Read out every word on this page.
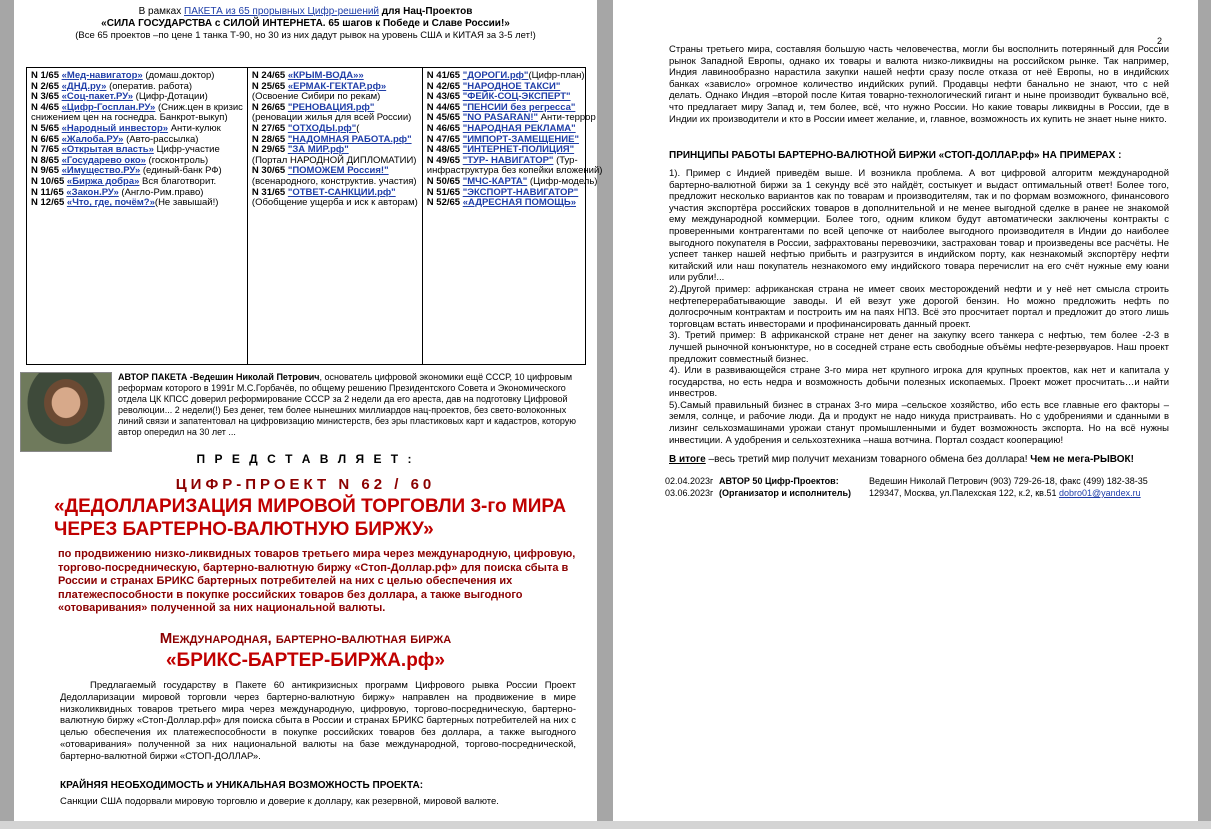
В рамках ПАКЕТА из 65 прорывных Цифр-решений для Нац-Проектов
«СИЛА ГОСУДАРСТВА с СИЛОЙ ИНТЕРНЕТА. 65 шагов к Победе и Славе России!»
(Все 65 проектов –по цене 1 танка Т-90, но 30 из них дадут рывок на уровень США и КИТАЯ за 3-5 лет!)
N 1/65 «Мед-навигатор» (домаш.доктор)
N 2/65 «ДНД.ру» (оператив. работа)
N 3/65 «Соц-пакет.РУ» (Цифр-Дотации)
N 4/65 «Цифр-Госплан.РУ» (Сниж.цен в кризис
снижением цен на госнедра. Банкрот-выкуп)
N 5/65 «Народный инвестор» Анти-кулюк
N 6/65 «Жалоба.РУ» (Авто-рассылка)
N 7/65 «Открытая власть» Цифр-участие
N 8/65 «Государево око» (госконтроль)
N 9/65 «Имущество.РУ» (единый-банк РФ)
N 10/65 «Биржа добра» Вся благотворит.
N 11/65 «Закон.РУ» (Англо-Рим.право)
N 12/65 «Что, где, почём?»(Не завышай!)
N 24/65 «КРЫМ-ВОДА»»
N 25/65 «ЕРМАК-ГЕКТАР.рф»
(Освоение Сибири по рекам)
N 26/65 "РЕНОВАЦИЯ.рф"
(реновации жилья для всей России)
N 27/65 "ОТХОДЫ.рф"(
N 28/65 "НАДОМНАЯ РАБОТА.рф"
N 29/65 "ЗА МИР.рф"
(Портал НАРОДНОЙ ДИПЛОМАТИИ)
N 30/65 "ПОМОЖЕМ Россия!"
(всенародного, конструктив. участия)
N 31/65 "ОТВЕТ-САНКЦИИ.рф"
(Обобщение ущерба и иск к авторам)
N 41/65 "ДОРОГИ.рф"(Цифр-план)
N 42/65 "НАРОДНОЕ ТАКСИ"
N 43/65 "ФЕЙК-СОЦ-ЭКСПЕРТ"
N 44/65 "ПЕНСИИ без регресса"
N 45/65 "NO PASARAN!" Анти-террор
N 46/65 "НАРОДНАЯ РЕКЛАМА"
N 47/65 "ИМПОРТ-ЗАМЕЩЕНИЕ"
N 48/65 "ИНТЕРНЕТ-ПОЛИЦИЯ"
N 49/65 "ТУР- НАВИГАТОР" (Тур-
инфраструктура без копейки вложений)
N 50/65 "МЧС-КАРТА" (Цифр-модель)
N 51/65 "ЭКСПОРТ-НАВИГАТОР"
N 52/65 «АДРЕСНАЯ ПОМОЩЬ»
АВТОР ПАКЕТА -Ведешин Николай Петрович, основатель цифровой экономики ещё СССР, 10 цифровым реформам которого в 1991г М.С.Горбачёв, по общему решению Президентского Совета и Экономического отдела ЦК КПСС доверил реформирование СССР за 2 недели да его ареста, дав на подготовку Цифровой революции... 2 недели(!) Без денег, тем более нынешних миллиардов нац-проектов, без свето-волоконных линий связи и запатентовал на цифровизацию министерств, без эры пластиковых карт и кадастров, которую автор опередил на 30 лет ...
П Р Е Д С Т А В Л Я Е Т :
ЦИФР-ПРОЕКТ N 62 / 60
«ДЕДОЛЛАРИЗАЦИЯ МИРОВОЙ ТОРГОВЛИ 3-го МИРА ЧЕРЕЗ БАРТЕРНО-ВАЛЮТНУЮ БИРЖУ»
по продвижению низко-ликвидных товаров третьего мира через международную, цифровую, торгово-посредническую, бартерно-валютную биржу «Стоп-Доллар.рф» для поиска сбыта в России и странах БРИКС бартерных потребителей на них с целью обеспечения их платежеспособности в покупке российских товаров без доллара, а также выгодного «отоваривания» полученной за них национальной валюты.
Международная, бартерно-валютная биржа
«БРИКС-БАРТЕР-БИРЖА.рф»
Предлагаемый государству в Пакете 60 антикризисных программ Цифрового рывка России Проект Дедолларизации мировой торговли через бартерно-валютную биржу» направлен на продвижение в мире низколиквидных товаров третьего мира через международную, цифровую, торгово-посредническую, бартерно-валютную биржу «Стоп-Доллар.рф» для поиска сбыта в России и странах БРИКС бартерных потребителей на них с целью обеспечения их платежеспособности в покупке российских товаров без доллара, а также выгодного «отоваривания» полученной за них национальной валюты на базе международной, торгово-посреднической, бартерно-валютной биржи «СТОП-ДОЛЛАР».
КРАЙНЯЯ НЕОБХОДИМОСТЬ и УНИКАЛЬНАЯ ВОЗМОЖНОСТЬ ПРОЕКТА:
Санкции США подорвали мировую торговлю и доверие к доллару, как резервной, мировой валюте.
2
Страны третьего мира, составляя большую часть человечества, могли бы восполнить потерянный для России рынок Западной Европы, однако их товары и валюта низко-ликвидны на российском рынке. Так например, Индия лавинообразно нарастила закупки нашей нефти сразу после отказа от неё Европы, но в индийских банках «зависло» огромное количество индийских рупий. Продавцы нефти банально не знают, что с ней делать. Однако Индия –второй после Китая товарно-технологический гигант и ныне производит буквально всё, что предлагает миру Запад и, тем более, всё, что нужно России. Но какие товары ликвидны в России, где в Индии их производители и кто в России имеет желание, и, главное, возможность их купить не знает ныне никто.
ПРИНЦИПЫ РАБОТЫ БАРТЕРНО-ВАЛЮТНОЙ БИРЖИ «СТОП-ДОЛЛАР.рф» НА ПРИМЕРАХ :

1). Пример с Индией приведём выше. И возникла проблема. А вот цифровой алгоритм международной бартерно-валютной биржи за 1 секунду всё это найдёт, состыкует и выдаст оптимальный ответ! Более того, предложит несколько вариантов как по товарам и производителям, так и по формам возможного, финансового участия экспортёра российских товаров в дополнительной и не менее выгодной сделке в ранее не знакомой ему международной коммерции. Более того, одним кликом будут автоматически заключены контракты с проверенными контрагентами по всей цепочке от наиболее выгодного производителя в Индии до наиболее выгодного покупателя в России, зафрахтованы перевозчики, застрахован товар и произведены все расчёты. Не успеет танкер нашей нефтью прибыть и разгрузится в индийском порту, как незнакомый экспортёру нефти китайский или наш покупатель незнакомого ему индийского товара перечислит на его счёт нужные ему юани или рубли!...

2).Другой пример: африканская страна не имеет своих месторождений нефти и у неё нет смысла строить нефтеперерабатывающие заводы. И ей везут уже дорогой бензин. Но можно предложить нефть по долгосрочным контрактам и построить им на паях НПЗ. Всё это просчитает портал и предложит до этого лишь торговцам встать инвесторами и профинансировать данный проект.

3). Третий пример: В африканской стране нет денег на закупку всего танкера с нефтью, тем более -2-3 в лучшей рыночной конъюнктуре, но в соседней стране есть свободные объёмы нефте-резервуаров. Наш проект предложит совместный бизнес.

4). Или в развивающейся стране 3-го мира нет крупного игрока для крупных проектов, как нет и капитала у государства, но есть недра и возможность добычи полезных ископаемых. Проект может просчитать…и найти инвестров.

5).Самый правильный бизнес в странах 3-го мира –сельское хозяйство, ибо есть все главные его факторы –земля, солнце, и рабочие люди. Да и продукт не надо никуда пристраивать. Но с удобрениями и сданными в лизинг сельхозмашинами урожаи станут промышленными и будет возможность экспорта. Но на всё нужны инвестиции. А удобрения и сельхозтехника –наша вотчина. Портал создаст кооперацию!

В итоге –весь третий мир получит механизм товарного обмена без доллара! Чем не мега-РЫВОК!
02.04.2023г АВТОР 50 Цифр-Проектов:	Ведешин Николай Петрович (903) 729-26-18, факс (499) 182-38-35
03.06.2023г (Организатор и исполнитель)	129347, Москва, ул.Палехская 122, к.2, кв.51 dobro01@yandex.ru
